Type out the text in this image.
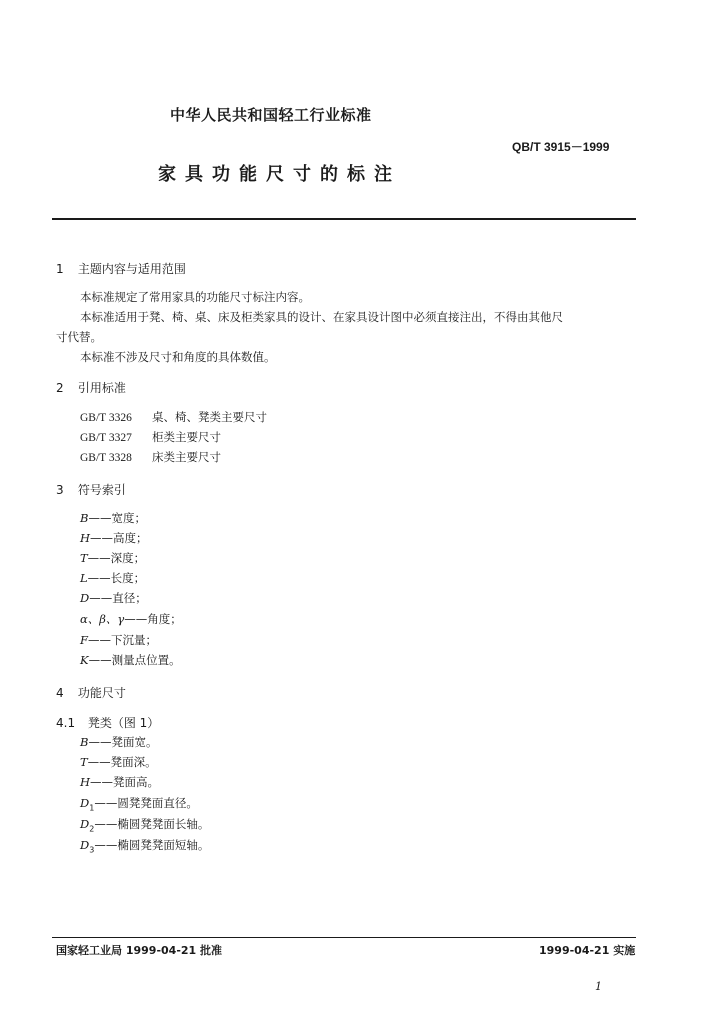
中华人民共和国轻工行业标准
QB/T 3915－1999
家具功能尺寸的标注
1 主题内容与适用范围
本标准规定了常用家具的功能尺寸标注内容。
本标准适用于凳、椅、桌、床及柜类家具的设计、在家具设计图中必须直接注出，不得由其他尺
寸代替。
本标准不涉及尺寸和角度的具体数值。
2 引用标准
GB/T 3326 桌、椅、凳类主要尺寸
GB/T 3327 柜类主要尺寸
GB/T 3328 床类主要尺寸
3 符号索引
B——宽度；
H——高度；
T——深度；
L——长度；
D——直径；
α、β、γ——角度；
F——下沉量；
K——测量点位置。
4 功能尺寸
4.1 凳类（图 1）
B——凳面宽。
T——凳面深。
H——凳面高。
$D_1——$圆凳凳面直径。
$D_2——$椭圆凳凳面长轴。
$D_3——$椭圆凳凳面短轴。
国家轻工业局 1999-04-21 批准	1999-04-21 实施
1
